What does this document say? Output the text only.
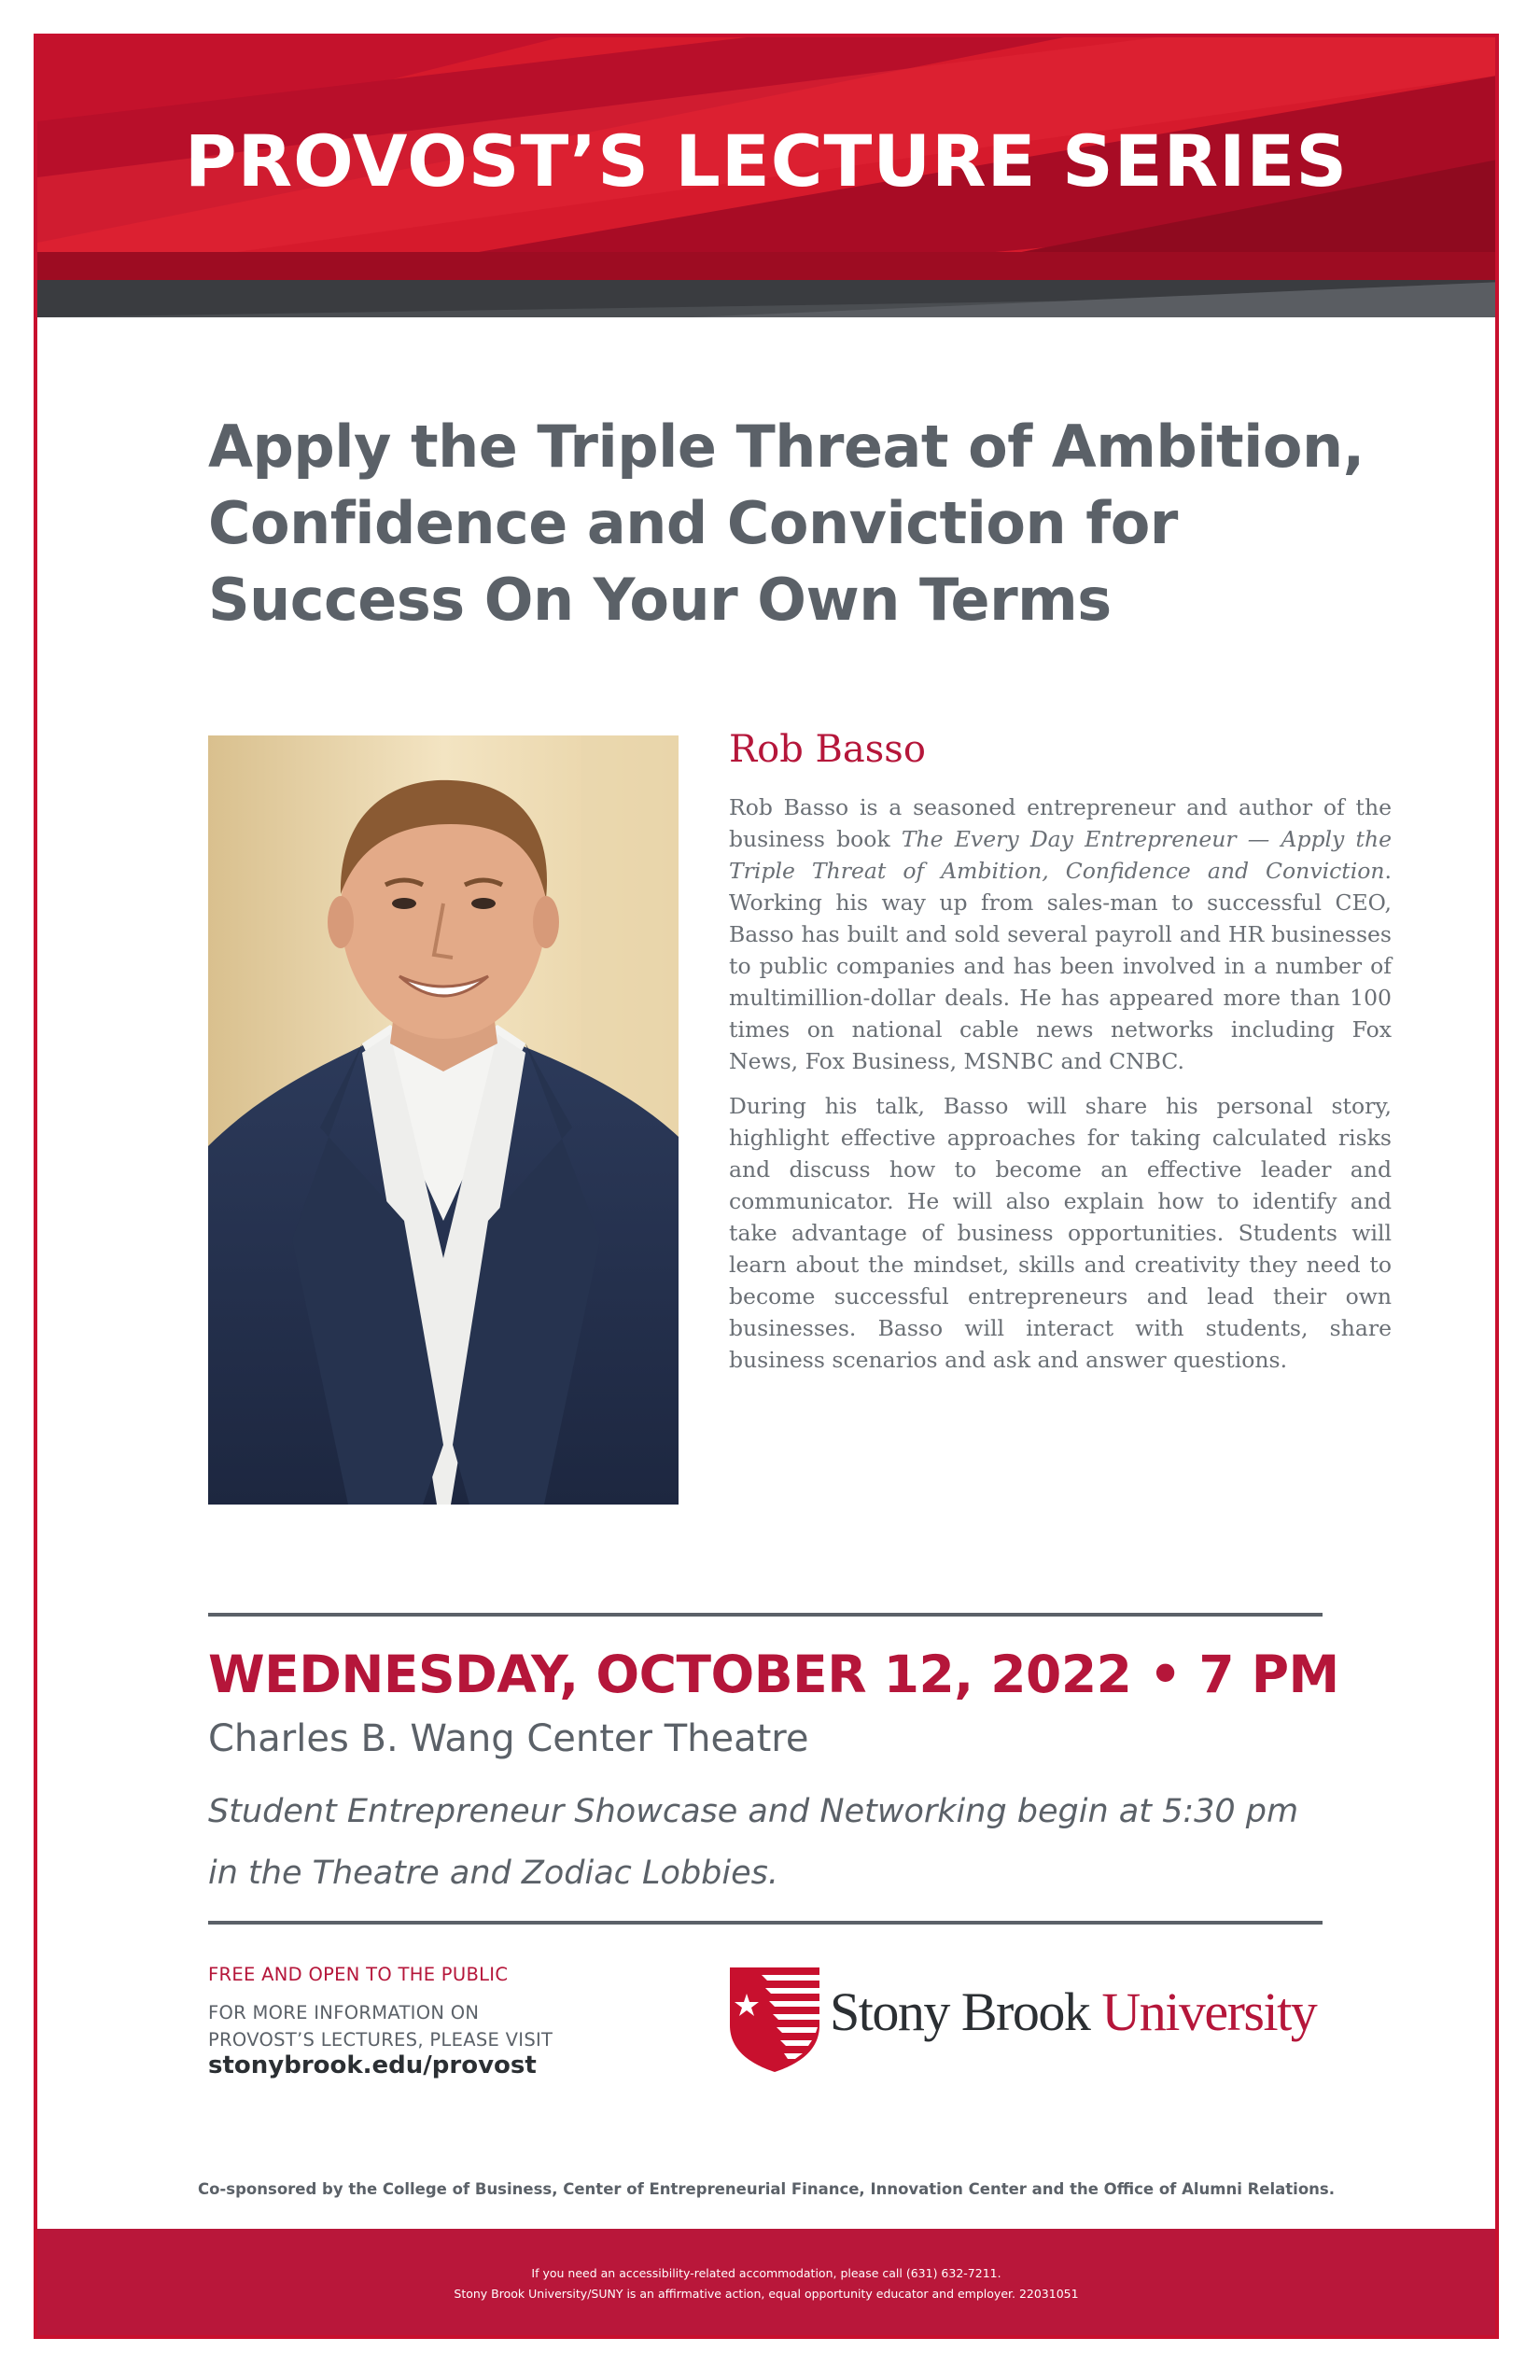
PROVOST’S LECTURE SERIES
Apply the Triple Threat of Ambition,
Confidence and Conviction for
Success On Your Own Terms
Rob Basso

Rob Basso is a seasoned entrepreneur and author of the business book The Every Day Entrepreneur — Apply the Triple Threat of Ambition, Confidence and Conviction. Working his way up from sales-man to successful CEO, Basso has built and sold several payroll and HR businesses to public companies and has been involved in a number of multimillion-dollar deals. He has appeared more than 100 times on national cable news networks including Fox News, Fox Business, MSNBC and CNBC.

During his talk, Basso will share his personal story, highlight effective approaches for taking calculated risks and discuss how to become an effective leader and communicator. He will also explain how to identify and take advantage of business opportunities. Students will learn about the mindset, skills and creativity they need to become successful entrepreneurs and lead their own businesses. Basso will interact with students, share business scenarios and ask and answer questions.

WEDNESDAY, OCTOBER 12, 2022 • 7 PM
Charles B. Wang Center Theatre
Student Entrepreneur Showcase and Networking begin at 5:30 pm
in the Theatre and Zodiac Lobbies.
FREE AND OPEN TO THE PUBLIC
FOR MORE INFORMATION ON
PROVOST’S LECTURES, PLEASE VISIT
stonybrook.edu/provost
Stony Brook University
Co-sponsored by the College of Business, Center of Entrepreneurial Finance, Innovation Center and the Office of Alumni Relations.
If you need an accessibility-related accommodation, please call (631) 632-7211.
Stony Brook University/SUNY is an affirmative action, equal opportunity educator and employer. 22031051
